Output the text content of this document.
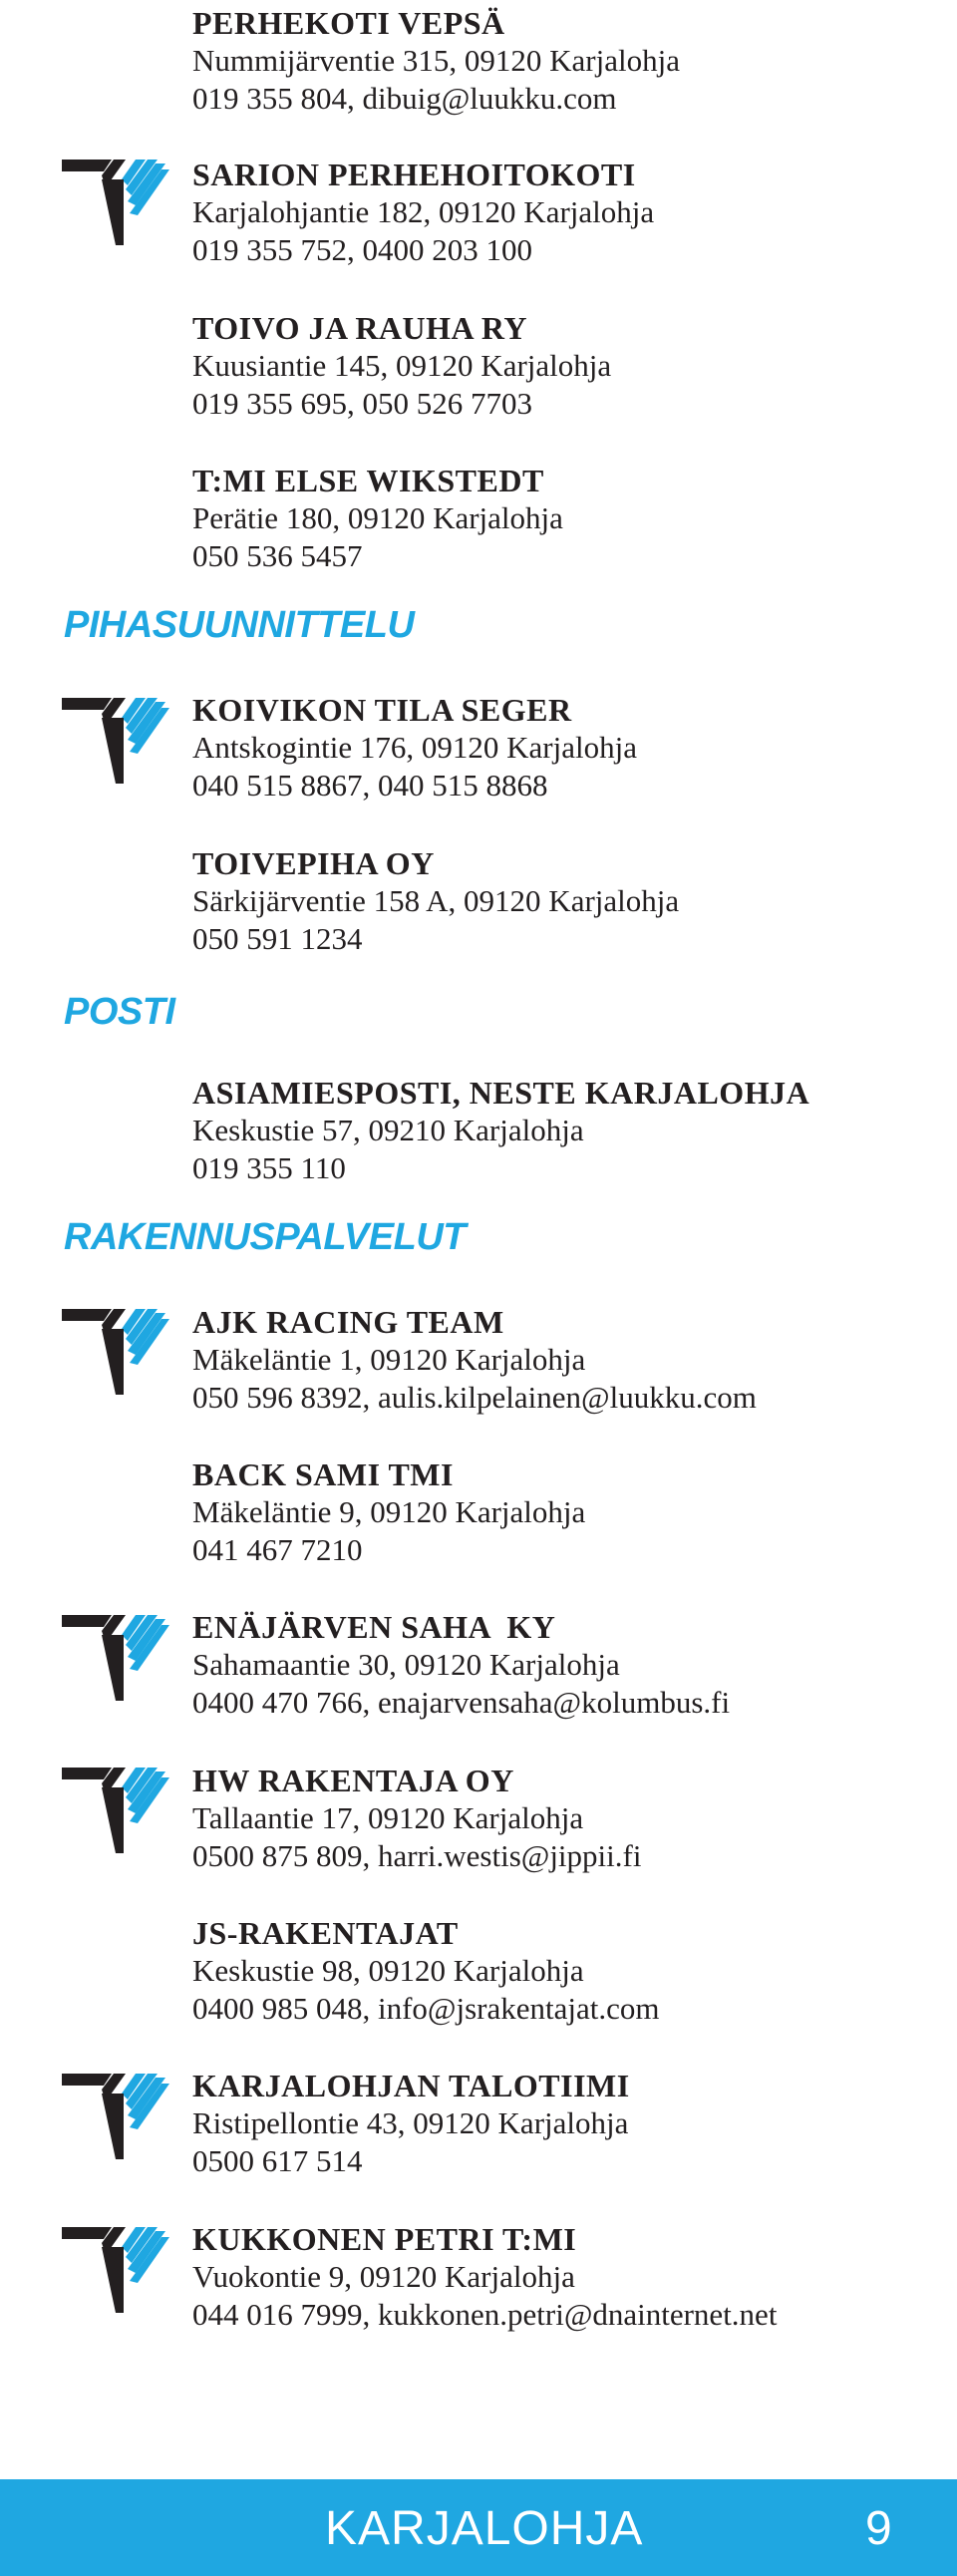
PIHASUUNNITTELU
POSTI
RAKENNUSPALVELUT
PERHEKOTI VEPSÄ
Nummijärventie 315, 09120 Karjalohja
019 355 804, dibuig@luukku.com
SARION PERHEHOITOKOTI
Karjalohjantie 182, 09120 Karjalohja
019 355 752, 0400 203 100
TOIVO JA RAUHA RY
Kuusiantie 145, 09120 Karjalohja
019 355 695, 050 526 7703
T:MI ELSE WIKSTEDT
Perätie 180, 09120 Karjalohja
050 536 5457
KOIVIKON TILA SEGER
Antskogintie 176, 09120 Karjalohja
040 515 8867, 040 515 8868
TOIVEPIHA OY
Särkijärventie 158 A, 09120 Karjalohja
050 591 1234
ASIAMIESPOSTI, NESTE KARJALOHJA
Keskustie 57, 09210 Karjalohja
019 355 110
AJK RACING TEAM
Mäkeläntie 1, 09120 Karjalohja
050 596 8392, aulis.kilpelainen@luukku.com
BACK SAMI TMI
Mäkeläntie 9, 09120 Karjalohja
041 467 7210
ENÄJÄRVEN SAHA  KY
Sahamaantie 30, 09120 Karjalohja
0400 470 766, enajarvensaha@kolumbus.fi
HW RAKENTAJA OY
Tallaantie 17, 09120 Karjalohja
0500 875 809, harri.westis@jippii.fi
JS-RAKENTAJAT
Keskustie 98, 09120 Karjalohja
0400 985 048, info@jsrakentajat.com
KARJALOHJAN TALOTIIMI
Ristipellontie 43, 09120 Karjalohja
0500 617 514
KUKKONEN PETRI T:MI
Vuokontie 9, 09120 Karjalohja
044 016 7999, kukkonen.petri@dnainternet.net
KARJALOHJA	9
